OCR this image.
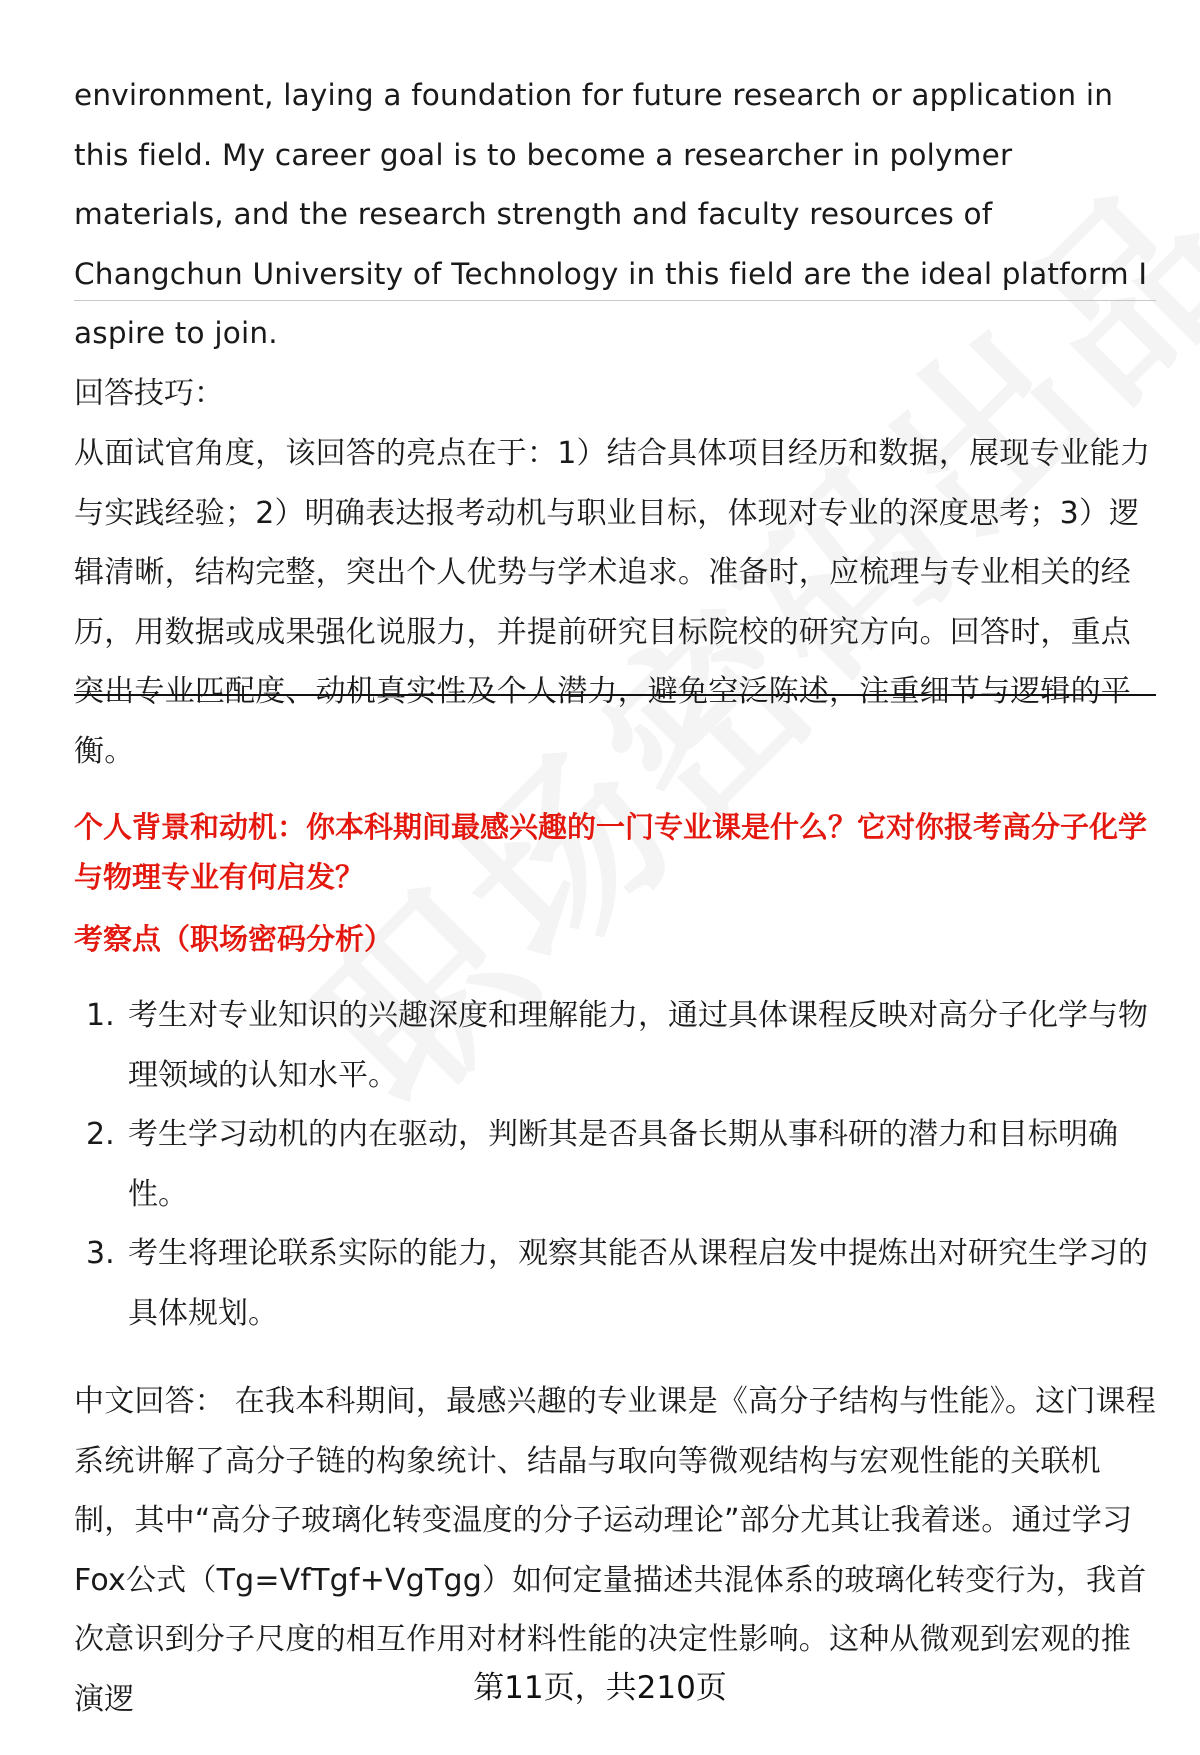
environment, laying a foundation for future research or application in this field. My career goal is to become a researcher in polymer materials, and the research strength and faculty resources of Changchun University of Technology in this field are the ideal platform I aspire to join.

回答技巧：

从面试官角度，该回答的亮点在于：1）结合具体项目经历和数据，展现专业能力与实践经验；2）明确表达报考动机与职业目标，体现对专业的深度思考；3）逻辑清晰，结构完整，突出个人优势与学术追求。准备时，应梳理与专业相关的经历，用数据或成果强化说服力，并提前研究目标院校的研究方向。回答时，重点突出专业匹配度、动机真实性及个人潜力，避免空泛陈述，注重细节与逻辑的平衡。

个人背景和动机：你本科期间最感兴趣的一门专业课是什么？它对你报考高分子化学与物理专业有何启发？
考察点（职场密码分析）
1. 考生对专业知识的兴趣深度和理解能力，通过具体课程反映对高分子化学与物理领域的认知水平。
2. 考生学习动机的内在驱动，判断其是否具备长期从事科研的潜力和目标明确性。
3. 考生将理论联系实际的能力，观察其能否从课程启发中提炼出对研究生学习的具体规划。

中文回答： 在我本科期间，最感兴趣的专业课是《高分子结构与性能》。这门课程系统讲解了高分子链的构象统计、结晶与取向等微观结构与宏观性能的关联机制，其中“高分子玻璃化转变温度的分子运动理论”部分尤其让我着迷。通过学习Fox公式（Tg=VfTgf+VgTgg）如何定量描述共混体系的玻璃化转变行为，我首次意识到分子尺度的相互作用对材料性能的决定性影响。这种从微观到宏观的推演逻	第11页，共210页
